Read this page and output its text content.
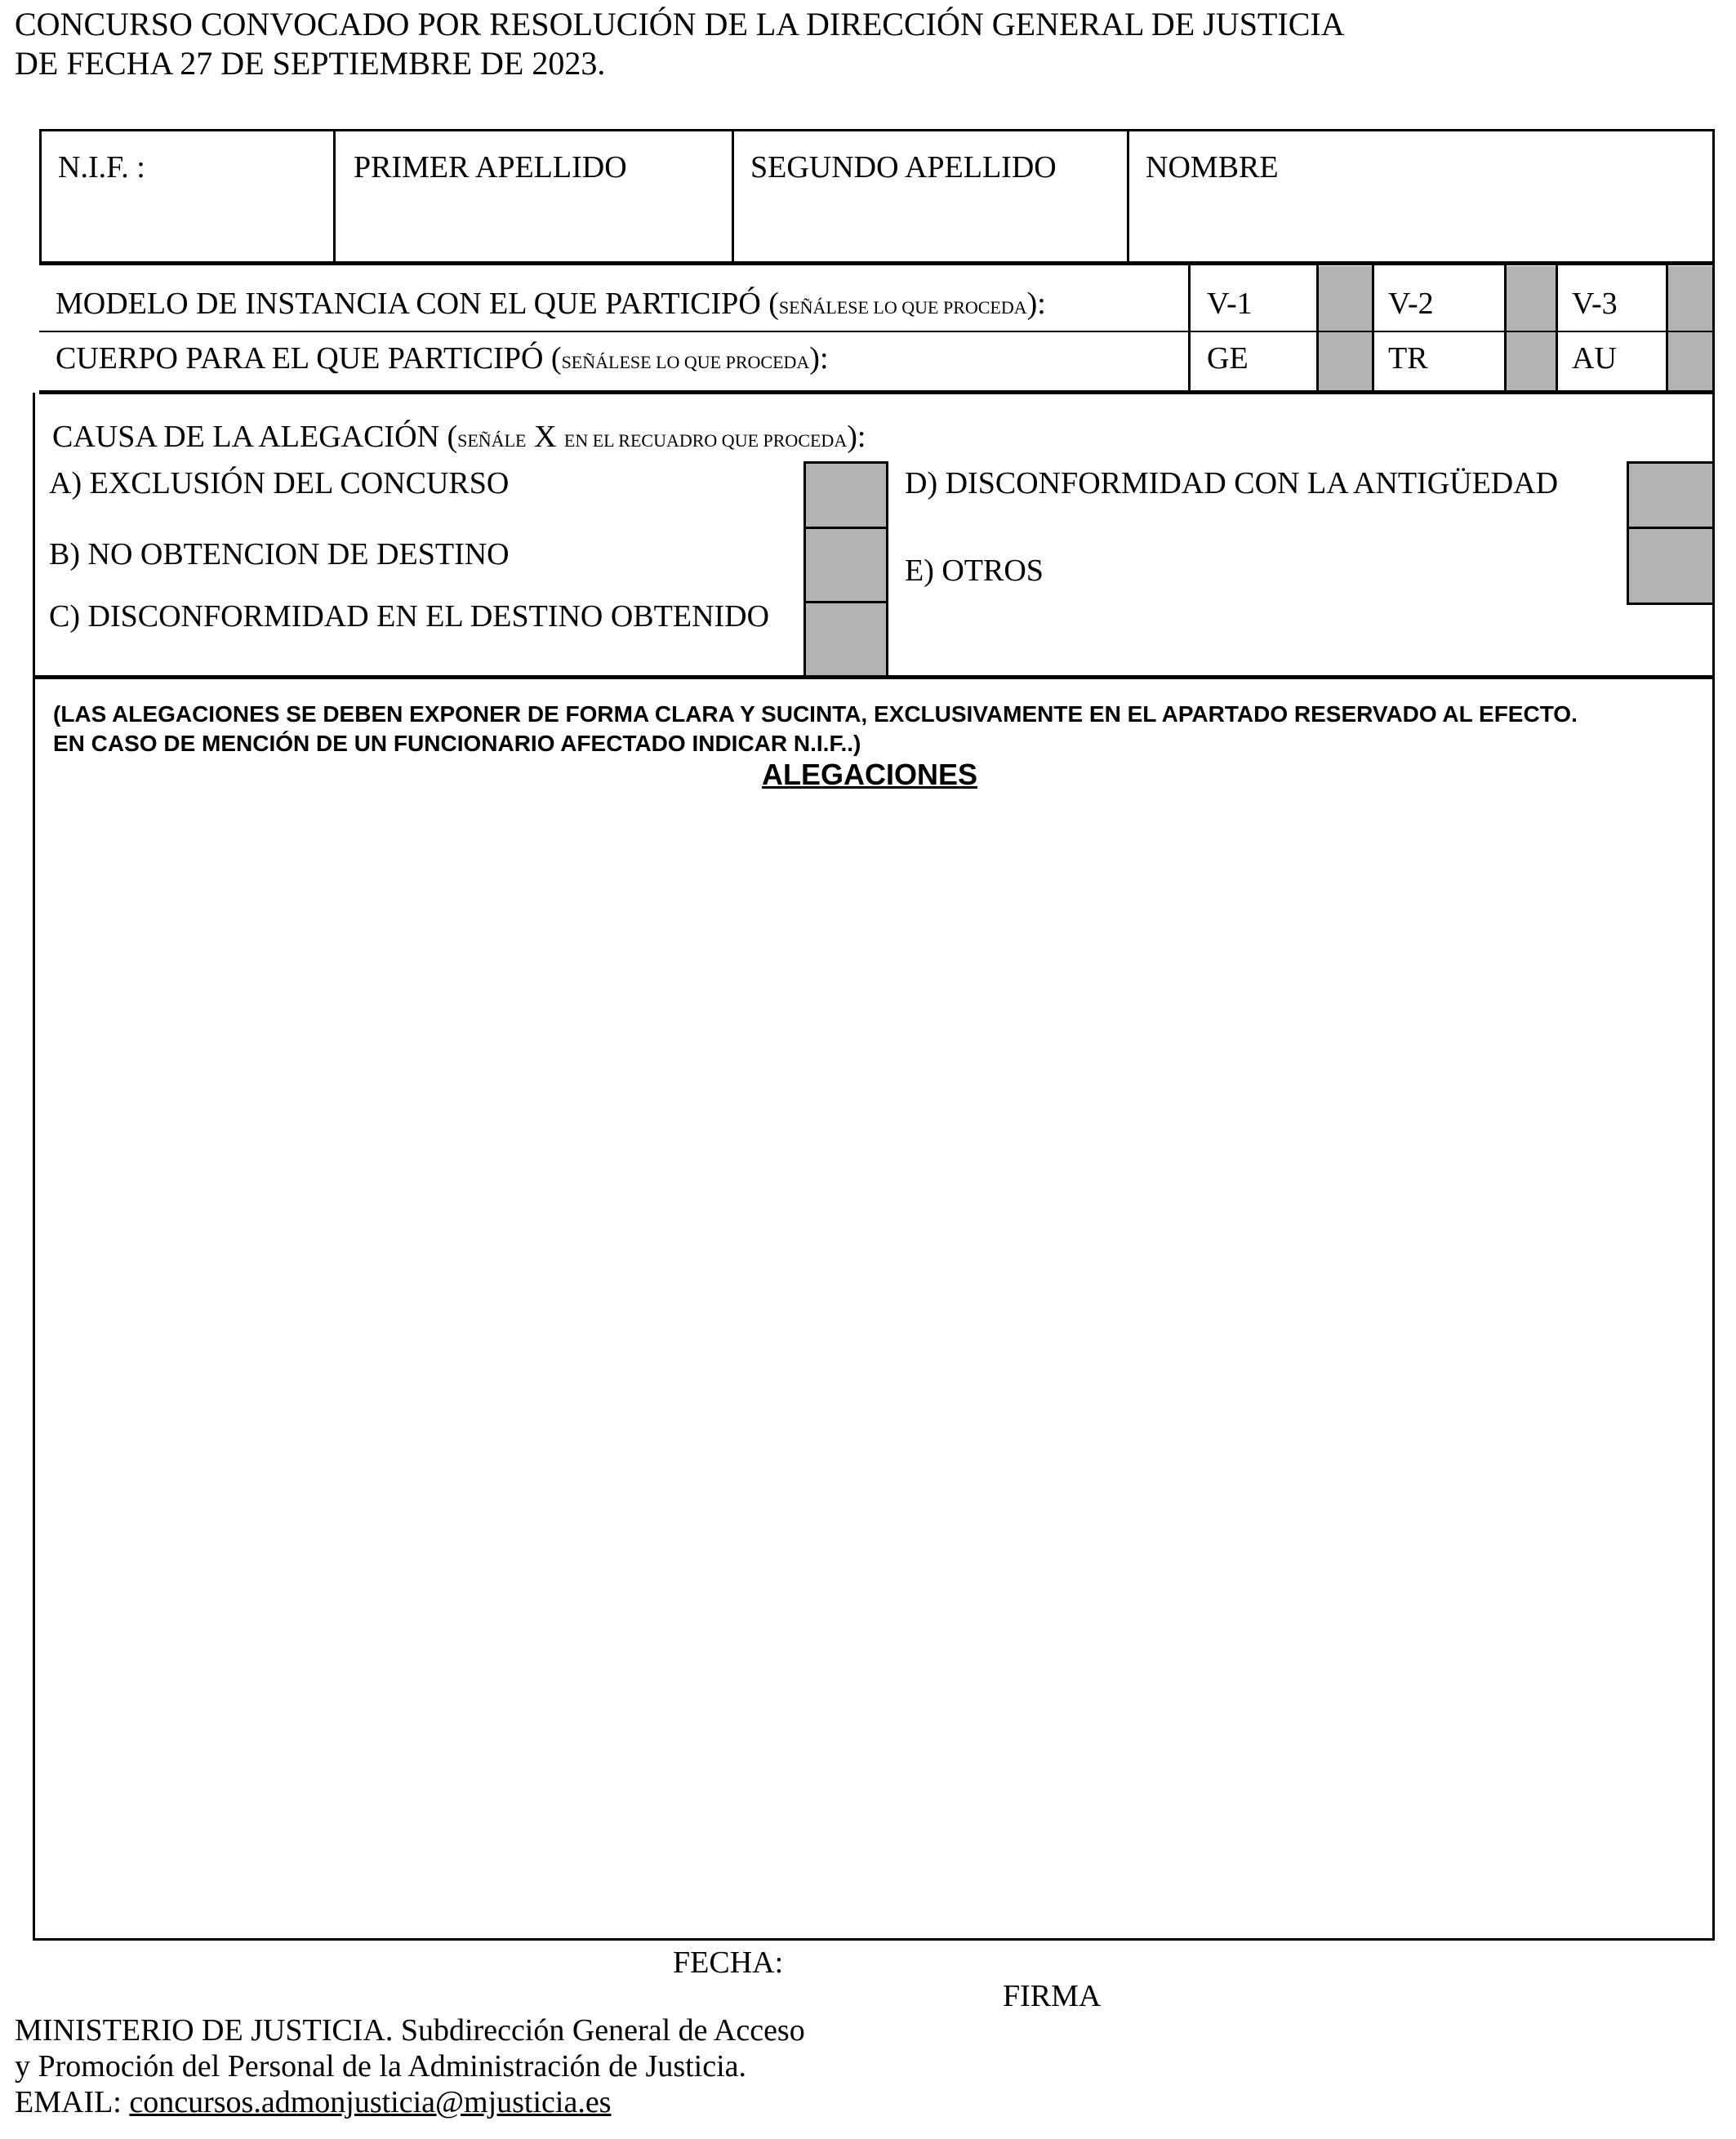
CONCURSO CONVOCADO POR RESOLUCIÓN DE LA DIRECCIÓN GENERAL DE JUSTICIA
DE FECHA 27 DE SEPTIEMBRE DE 2023.
N.I.F. :	PRIMER APELLIDO	SEGUNDO APELLIDO	NOMBRE
MODELO DE INSTANCIA CON EL QUE PARTICIPÓ (SEÑÁLESE LO QUE PROCEDA):	V-1	V-2	V-3
CUERPO PARA EL QUE PARTICIPÓ (SEÑÁLESE LO QUE PROCEDA):	GE	TR	AU
CAUSA DE LA ALEGACIÓN (SEÑÁLE X EN EL RECUADRO QUE PROCEDA):
A) EXCLUSIÓN DEL CONCURSO
B) NO OBTENCION DE DESTINO
C) DISCONFORMIDAD EN EL DESTINO OBTENIDO
D) DISCONFORMIDAD CON LA ANTIGÜEDAD
E) OTROS
(LAS ALEGACIONES SE DEBEN EXPONER DE FORMA CLARA Y SUCINTA, EXCLUSIVAMENTE EN EL APARTADO RESERVADO AL EFECTO.
EN CASO DE MENCIÓN DE UN FUNCIONARIO AFECTADO INDICAR N.I.F..)
ALEGACIONES
FECHA:
FIRMA
MINISTERIO DE JUSTICIA. Subdirección General de Acceso
y Promoción del Personal de la Administración de Justicia.
EMAIL: concursos.admonjusticia@mjusticia.es
